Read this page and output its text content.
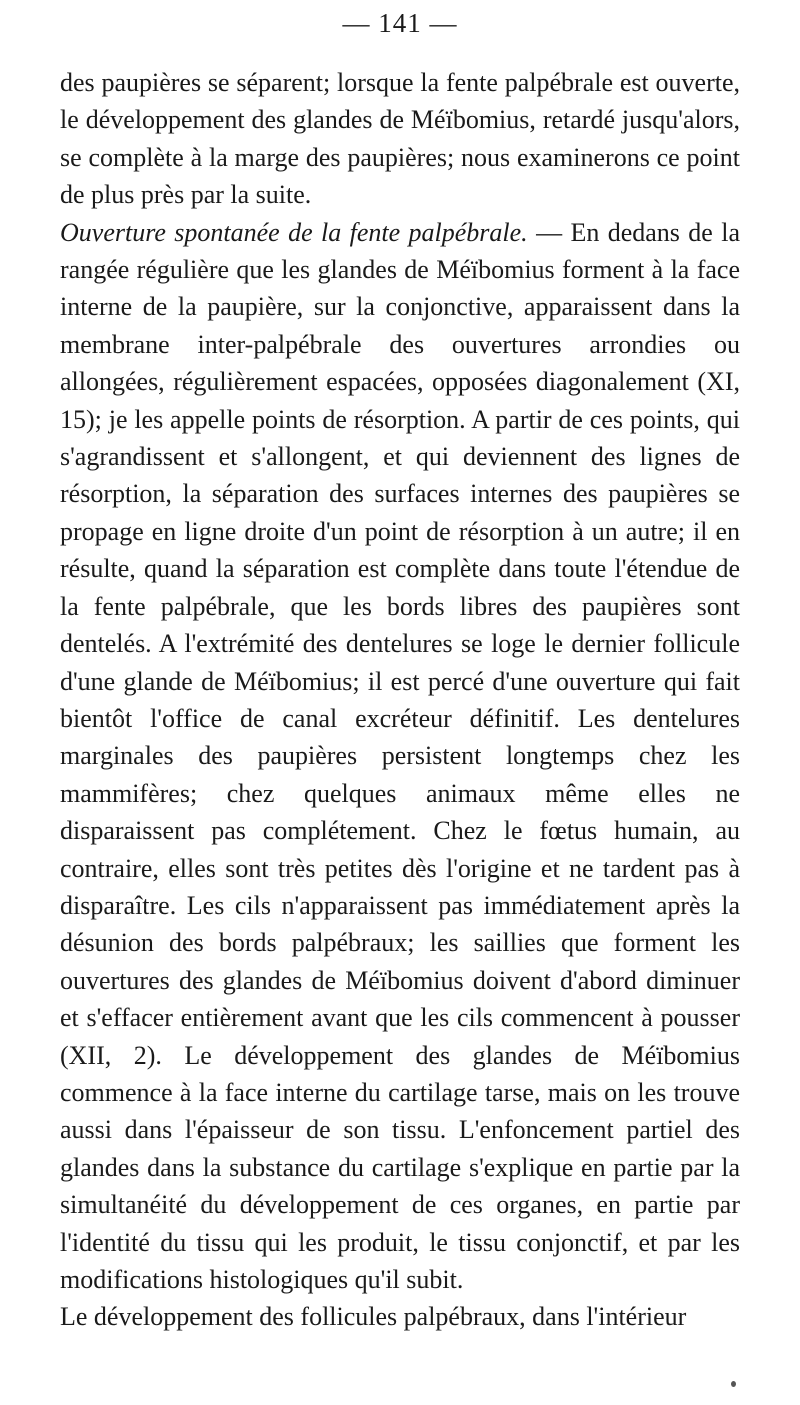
— 141 —

des paupières se séparent; lorsque la fente palpébrale est ouverte, le développement des glandes de Méïbomius, retardé jusqu'alors, se complète à la marge des paupières; nous examinerons ce point de plus près par la suite.

Ouverture spontanée de la fente palpébrale. — En dedans de la rangée régulière que les glandes de Méïbomius forment à la face interne de la paupière, sur la conjonctive, apparaissent dans la membrane inter-palpébrale des ouvertures arrondies ou allongées, régulièrement espacées, opposées diagonalement (XI, 15); je les appelle points de résorption. A partir de ces points, qui s'agrandissent et s'allongent, et qui deviennent des lignes de résorption, la séparation des surfaces internes des paupières se propage en ligne droite d'un point de résorption à un autre; il en résulte, quand la séparation est complète dans toute l'étendue de la fente palpébrale, que les bords libres des paupières sont dentelés. A l'extrémité des dentelures se loge le dernier follicule d'une glande de Méïbomius; il est percé d'une ouverture qui fait bientôt l'office de canal excréteur définitif. Les dentelures marginales des paupières persistent longtemps chez les mammifères; chez quelques animaux même elles ne disparaissent pas complétement. Chez le fœtus humain, au contraire, elles sont très petites dès l'origine et ne tardent pas à disparaître. Les cils n'apparaissent pas immédiatement après la désunion des bords palpébraux; les saillies que forment les ouvertures des glandes de Méïbomius doivent d'abord diminuer et s'effacer entièrement avant que les cils commencent à pousser (XII, 2). Le développement des glandes de Méïbomius commence à la face interne du cartilage tarse, mais on les trouve aussi dans l'épaisseur de son tissu. L'enfoncement partiel des glandes dans la substance du cartilage s'explique en partie par la simultanéité du développement de ces organes, en partie par l'identité du tissu qui les produit, le tissu conjonctif, et par les modifications histologiques qu'il subit.

Le développement des follicules palpébraux, dans l'intérieur
